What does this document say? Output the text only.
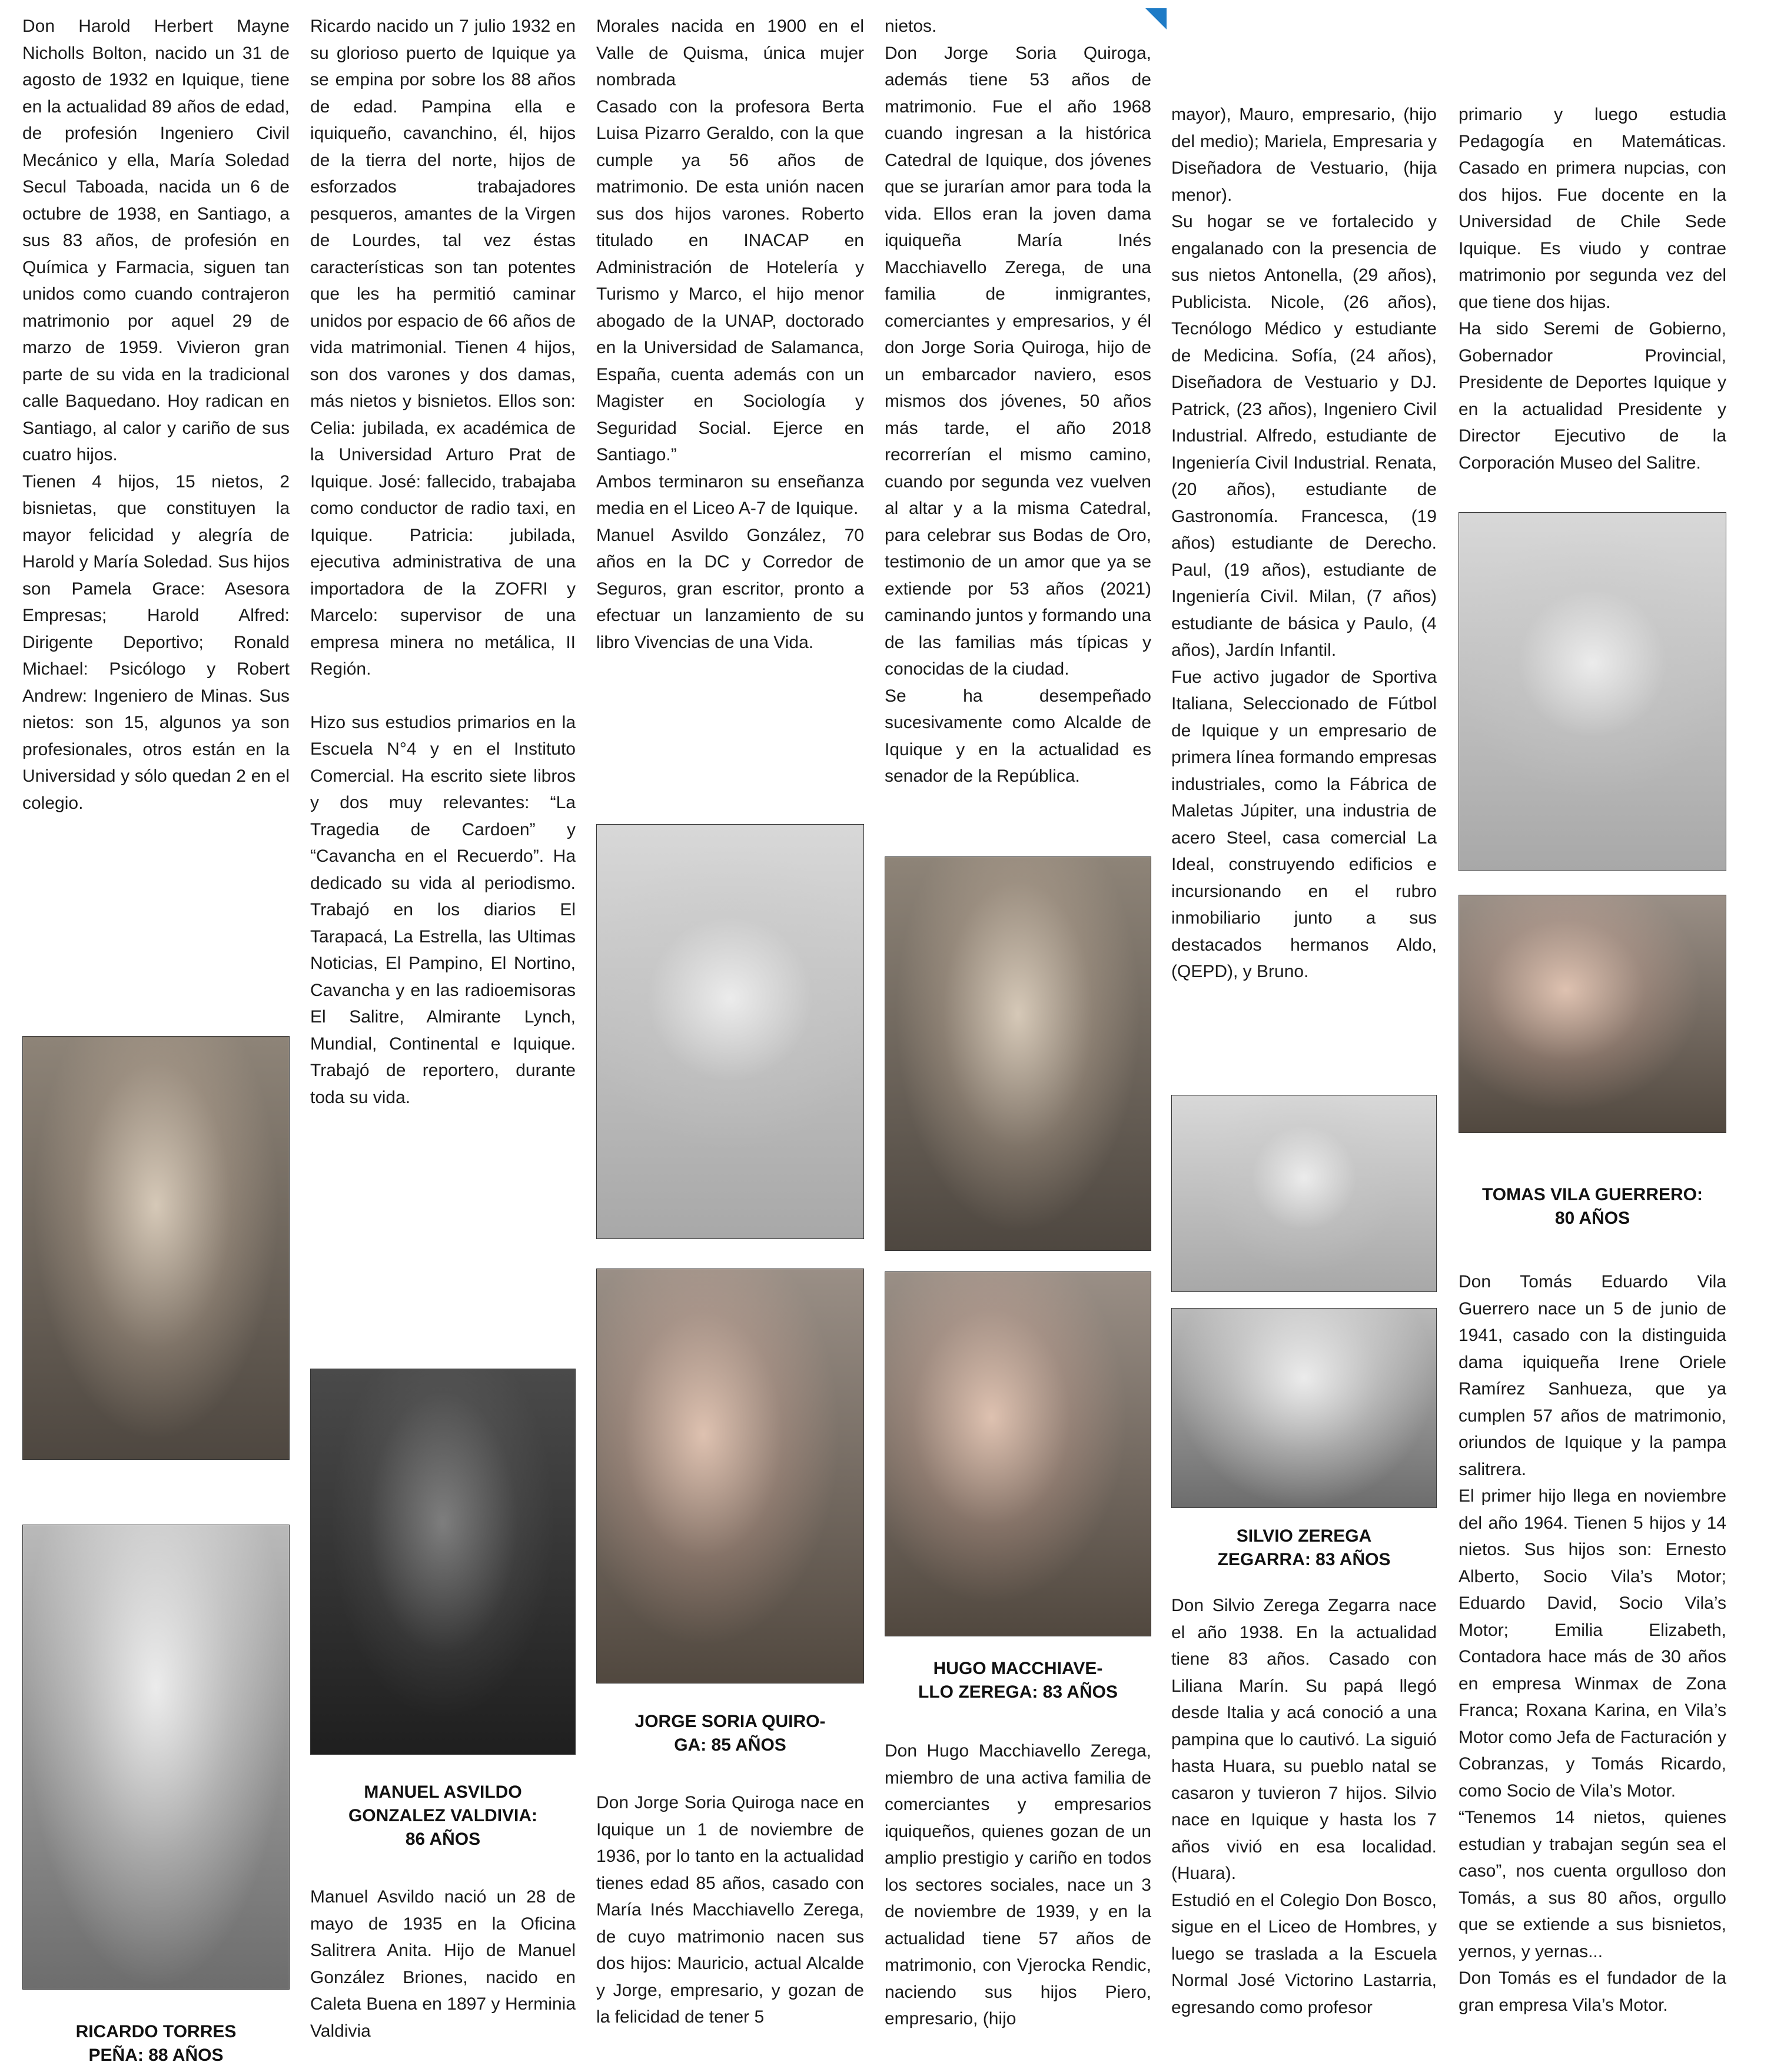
Don Harold Herbert Mayne Nicholls Bolton, nacido un 31 de agosto de 1932 en Iquique, tiene en la actualidad 89 años de edad, de profesión Ingeniero Civil Mecánico y ella, María Soledad Secul Taboada, nacida un 6 de octubre de 1938, en Santiago, a sus 83 años, de profesión en Química y Farmacia, siguen tan unidos como cuando contrajeron matrimonio por aquel 29 de marzo de 1959. Vivieron gran parte de su vida en la tradicional calle Baquedano. Hoy radican en Santiago, al calor y cariño de sus cuatro hijos.

Tienen 4 hijos, 15 nietos, 2 bisnietas, que constituyen la mayor felicidad y alegría de Harold y María Soledad. Sus hijos son Pamela Grace: Asesora Empresas; Harold Alfred: Dirigente Deportivo; Ronald Michael: Psicólogo y Robert Andrew: Ingeniero de Minas. Sus nietos: son 15, algunos ya son profesionales, otros están en la Universidad y sólo quedan 2 en el colegio.

RICARDO TORRES
PEÑA: 88 AÑOS

Ricardo nacido un 7 julio 1932 en su glorioso puerto de Iquique ya se empina por sobre los 88 años de edad. Pampina ella e iquiqueño, cavanchino, él, hijos de la tierra del norte, hijos de esforzados trabajadores pesqueros, amantes de la Virgen de Lourdes, tal vez éstas características son tan potentes que les ha permitió caminar unidos por espacio de 66 años de vida matrimonial. Tienen 4 hijos, son dos varones y dos damas, más nietos y bisnietos. Ellos son: Celia: jubilada, ex académica de la Universidad Arturo Prat de Iquique. José: fallecido, trabajaba como conductor de radio taxi, en Iquique. Patricia: jubilada, ejecutiva administrativa de una importadora de la ZOFRI y Marcelo: supervisor de una empresa minera no metálica, II Región.

Hizo sus estudios primarios en la Escuela N°4 y en el Instituto Comercial. Ha escrito siete libros y dos muy relevantes: “La Tragedia de Cardoen” y “Cavancha en el Recuerdo”. Ha dedicado su vida al periodismo. Trabajó en los diarios El Tarapacá, La Estrella, las Ultimas Noticias, El Pampino, El Nortino, Cavancha y en las radioemisoras El Salitre, Almirante Lynch, Mundial, Continental e Iquique. Trabajó de reportero, durante toda su vida.

MANUEL ASVILDO
GONZALEZ VALDIVIA:
86 AÑOS

Manuel Asvildo nació un 28 de mayo de 1935 en la Oficina Salitrera Anita. Hijo de Manuel González Briones, nacido en Caleta Buena en 1897 y Herminia Valdivia

Morales nacida en 1900 en el Valle de Quisma, única mujer nombrada

Casado con la profesora Berta Luisa Pizarro Geraldo, con la que cumple ya 56 años de matrimonio. De esta unión nacen sus dos hijos varones. Roberto titulado en INACAP en Administración de Hotelería y Turismo y Marco, el hijo menor abogado de la UNAP, doctorado en la Universidad de Salamanca, España, cuenta además con un Magister en Sociología y Seguridad Social. Ejerce en Santiago.”

Ambos terminaron su enseñanza media en el Liceo A-7 de Iquique.

Manuel Asvildo González, 70 años en la DC y Corredor de Seguros, gran escritor, pronto a efectuar un lanzamiento de su libro Vivencias de una Vida.

JORGE SORIA QUIRO-
GA: 85 AÑOS

Don Jorge Soria Quiroga nace en Iquique un 1 de noviembre de 1936, por lo tanto en la actualidad tienes edad 85 años, casado con María Inés Macchiavello Zerega, de cuyo matrimonio nacen sus dos hijos: Mauricio, actual Alcalde y Jorge, empresario, y gozan de la felicidad de tener 5

nietos.

Don Jorge Soria Quiroga, además tiene 53 años de matrimonio. Fue el año 1968 cuando ingresan a la histórica Catedral de Iquique, dos jóvenes que se jurarían amor para toda la vida. Ellos eran la joven dama iquiqueña María Inés Macchiavello Zerega, de una familia de inmigrantes, comerciantes y empresarios, y él don Jorge Soria Quiroga, hijo de un embarcador naviero, esos mismos dos jóvenes, 50 años más tarde, el año 2018 recorrerían el mismo camino, cuando por segunda vez vuelven al altar y a la misma Catedral, para celebrar sus Bodas de Oro, testimonio de un amor que ya se extiende por 53 años (2021) caminando juntos y formando una de las familias más típicas y conocidas de la ciudad.

Se ha desempeñado sucesivamente como Alcalde de Iquique y en la actualidad es senador de la República.

HUGO MACCHIAVE-
LLO ZEREGA: 83 AÑOS

Don Hugo Macchiavello Zerega, miembro de una activa familia de comerciantes y empresarios iquiqueños, quienes gozan de un amplio prestigio y cariño en todos los sectores sociales, nace un 3 de noviembre de 1939, y en la actualidad tiene 57 años de matrimonio, con Vjerocka Rendic, naciendo sus hijos Piero, empresario, (hijo

mayor), Mauro, empresario, (hijo del medio); Mariela, Empresaria y Diseñadora de Vestuario, (hija menor).

Su hogar se ve fortalecido y engalanado con la presencia de sus nietos Antonella, (29 años), Publicista. Nicole, (26 años), Tecnólogo Médico y estudiante de Medicina. Sofía, (24 años), Diseñadora de Vestuario y DJ. Patrick, (23 años), Ingeniero Civil Industrial. Alfredo, estudiante de Ingeniería Civil Industrial. Renata, (20 años), estudiante de Gastronomía. Francesca, (19 años) estudiante de Derecho. Paul, (19 años), estudiante de Ingeniería Civil. Milan, (7 años) estudiante de básica y Paulo, (4 años), Jardín Infantil.

Fue activo jugador de Sportiva Italiana, Seleccionado de Fútbol de Iquique y un empresario de primera línea formando empresas industriales, como la Fábrica de Maletas Júpiter, una industria de acero Steel, casa comercial La Ideal, construyendo edificios e incursionando en el rubro inmobiliario junto a sus destacados hermanos Aldo, (QEPD), y Bruno.

SILVIO ZEREGA
ZEGARRA: 83 AÑOS

Don Silvio Zerega Zegarra nace el año 1938. En la actualidad tiene 83 años. Casado con Liliana Marín. Su papá llegó desde Italia y acá conoció a una pampina que lo cautivó. La siguió hasta Huara, su pueblo natal se casaron y tuvieron 7 hijos. Silvio nace en Iquique y hasta los 7 años vivió en esa localidad. (Huara).

Estudió en el Colegio Don Bosco, sigue en el Liceo de Hombres, y luego se traslada a la Escuela Normal José Victorino Lastarria, egresando como profesor

primario y luego estudia Pedagogía en Matemáticas. Casado en primera nupcias, con dos hijos. Fue docente en la Universidad de Chile Sede Iquique. Es viudo y contrae matrimonio por segunda vez del que tiene dos hijas.

Ha sido Seremi de Gobierno, Gobernador Provincial, Presidente de Deportes Iquique y en la actualidad Presidente y Director Ejecutivo de la Corporación Museo del Salitre.

TOMAS VILA GUERRERO:
80 AÑOS

Don Tomás Eduardo Vila Guerrero nace un 5 de junio de 1941, casado con la distinguida dama iquiqueña Irene Oriele Ramírez Sanhueza, que ya cumplen 57 años de matrimonio, oriundos de Iquique y la pampa salitrera.

El primer hijo llega en noviembre del año 1964. Tienen 5 hijos y 14 nietos. Sus hijos son: Ernesto Alberto, Socio Vila’s Motor; Eduardo David, Socio Vila’s Motor; Emilia Elizabeth, Contadora hace más de 30 años en empresa Winmax de Zona Franca; Roxana Karina, en Vila’s Motor como Jefa de Facturación y Cobranzas, y Tomás Ricardo, como Socio de Vila’s Motor.

“Tenemos 14 nietos, quienes estudian y trabajan según sea el caso”, nos cuenta orgulloso don Tomás, a sus 80 años, orgullo que se extiende a sus bisnietos, yernos, y yernas...

Don Tomás es el fundador de la gran empresa Vila’s Motor.
